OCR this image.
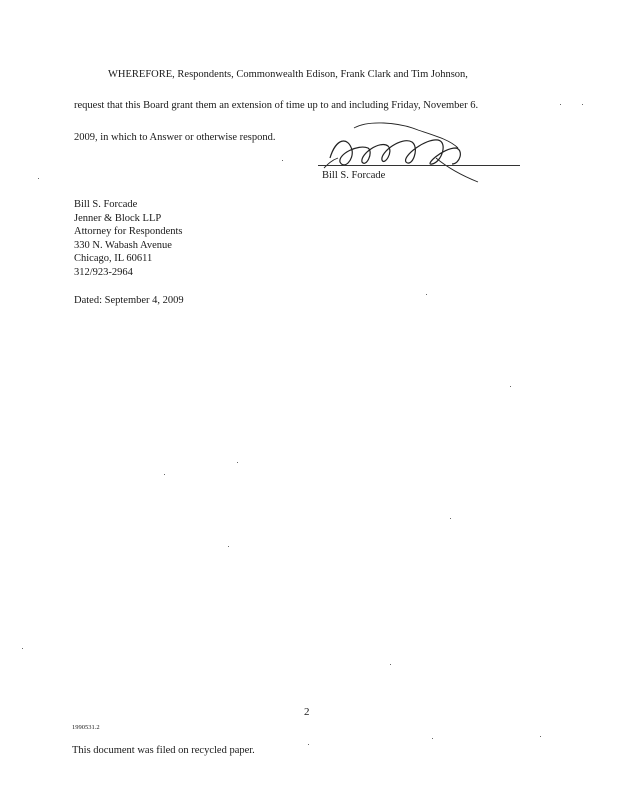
WHEREFORE, Respondents, Commonwealth Edison, Frank Clark and Tim Johnson,
request that this Board grant them an extension of time up to and including Friday, November 6.
2009, in which to Answer or otherwise respond.
Bill S. Forcade
Bill S. Forcade
Jenner & Block LLP
Attorney for Respondents
330 N. Wabash Avenue
Chicago, IL 60611
312/923-2964
Dated: September 4, 2009
2
1990531.2
This document was filed on recycled paper.
